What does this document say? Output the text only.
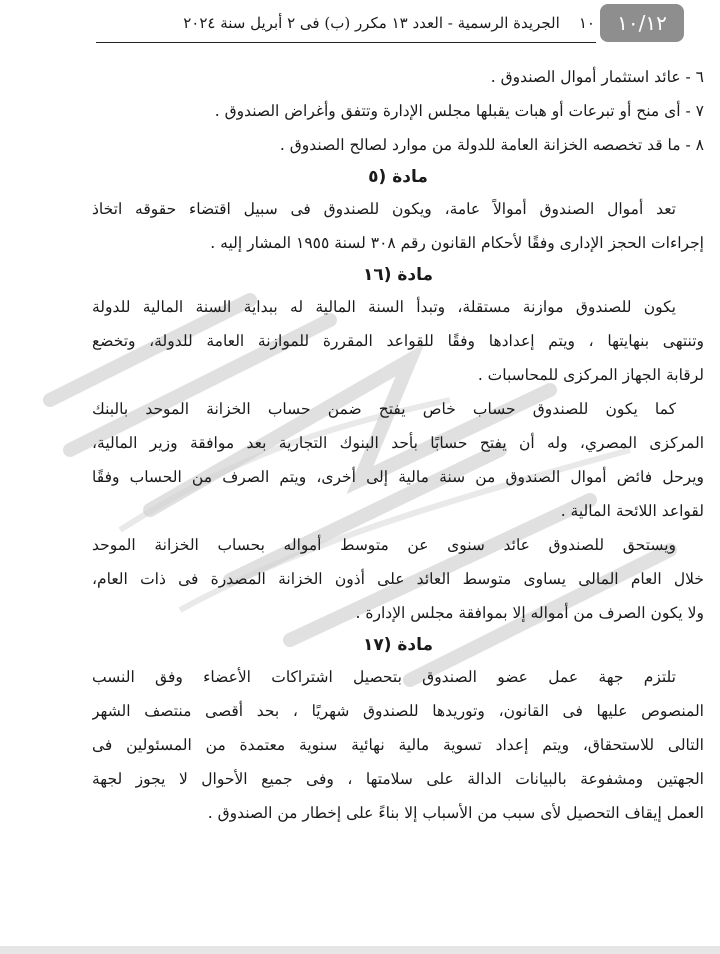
١٠    الجريدة الرسمية - العدد ١٣ مكرر (ب) فى ٢ أبريل سنة ٢٠٢٤	١٠/١٢
٦ - عائد استثمار أموال الصندوق .
٧ - أى منح أو تبرعات أو هبات يقبلها مجلس الإدارة وتتفق وأغراض الصندوق .
٨ - ما قد تخصصه الخزانة العامة للدولة من موارد لصالح الصندوق .
مادة (٥
تعد أموال الصندوق أموالاً عامة، ويكون للصندوق فى سبيل اقتضاء حقوقه اتخاذ
إجراءات الحجز الإدارى وفقًا لأحكام القانون رقم ٣٠٨ لسنة ١٩٥٥ المشار إليه .
مادة (١٦
يكون للصندوق موازنة مستقلة، وتبدأ السنة المالية له ببداية السنة المالية للدولة
وتنتهى بنهايتها ، ويتم إعدادها وفقًا للقواعد المقررة للموازنة العامة للدولة، وتخضع
لرقابة الجهاز المركزى للمحاسبات .
كما يكون للصندوق حساب خاص يفتح ضمن حساب الخزانة الموحد بالبنك
المركزى المصري، وله أن يفتح حسابًا بأحد البنوك التجارية بعد موافقة وزير المالية،
ويرحل فائض أموال الصندوق من سنة مالية إلى أخرى، ويتم الصرف من الحساب وفقًا
لقواعد اللائحة المالية .
ويستحق للصندوق عائد سنوى عن متوسط أمواله بحساب الخزانة الموحد
خلال العام المالى يساوى متوسط العائد على أذون الخزانة المصدرة فى ذات العام،
ولا يكون الصرف من أمواله إلا بموافقة مجلس الإدارة .
مادة (١٧
تلتزم جهة عمل عضو الصندوق بتحصيل اشتراكات الأعضاء وفق النسب
المنصوص عليها فى القانون، وتوريدها للصندوق شهريًا ، بحد أقصى منتصف الشهر
التالى للاستحقاق، ويتم إعداد تسوية مالية نهائية سنوية معتمدة من المسئولين فى
الجهتين ومشفوعة بالبيانات الدالة على سلامتها ، وفى جميع الأحوال لا يجوز لجهة
العمل إيقاف التحصيل لأى سبب من الأسباب إلا بناءً على إخطار من الصندوق .
